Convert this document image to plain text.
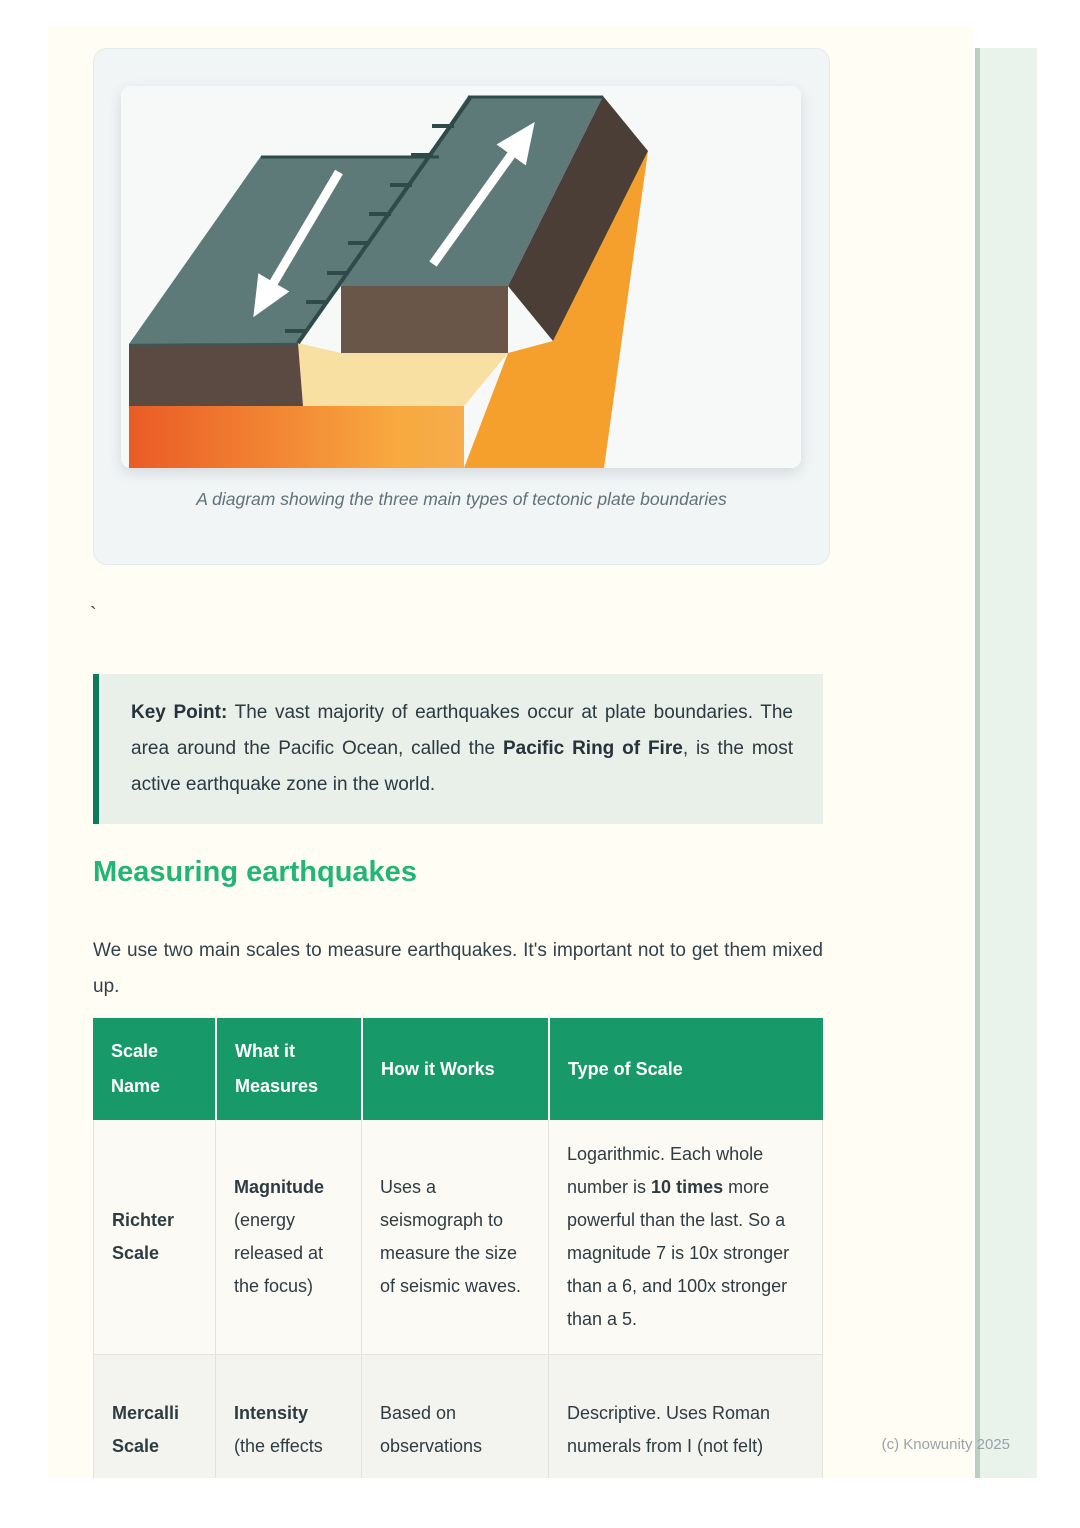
A diagram showing the three main types of tectonic plate boundaries
`
Key Point: The vast majority of earthquakes occur at plate boundaries. The area around the Pacific Ocean, called the Pacific Ring of Fire, is the most active earthquake zone in the world.
Measuring earthquakes

We use two main scales to measure earthquakes. It's important not to get them mixed up.

Scale Name	What it Measures	How it Works	Type of Scale
Richter Scale	Magnitude (energy released at the focus)	Uses a seismograph to measure the size of seismic waves.	Logarithmic. Each whole number is 10 times more powerful than the last. So a magnitude 7 is 10x stronger than a 6, and 100x stronger than a 5.
Mercalli Scale	Intensity (the effects	Based on observations	Descriptive. Uses Roman numerals from I (not felt)	(c) Knowunity 2025
